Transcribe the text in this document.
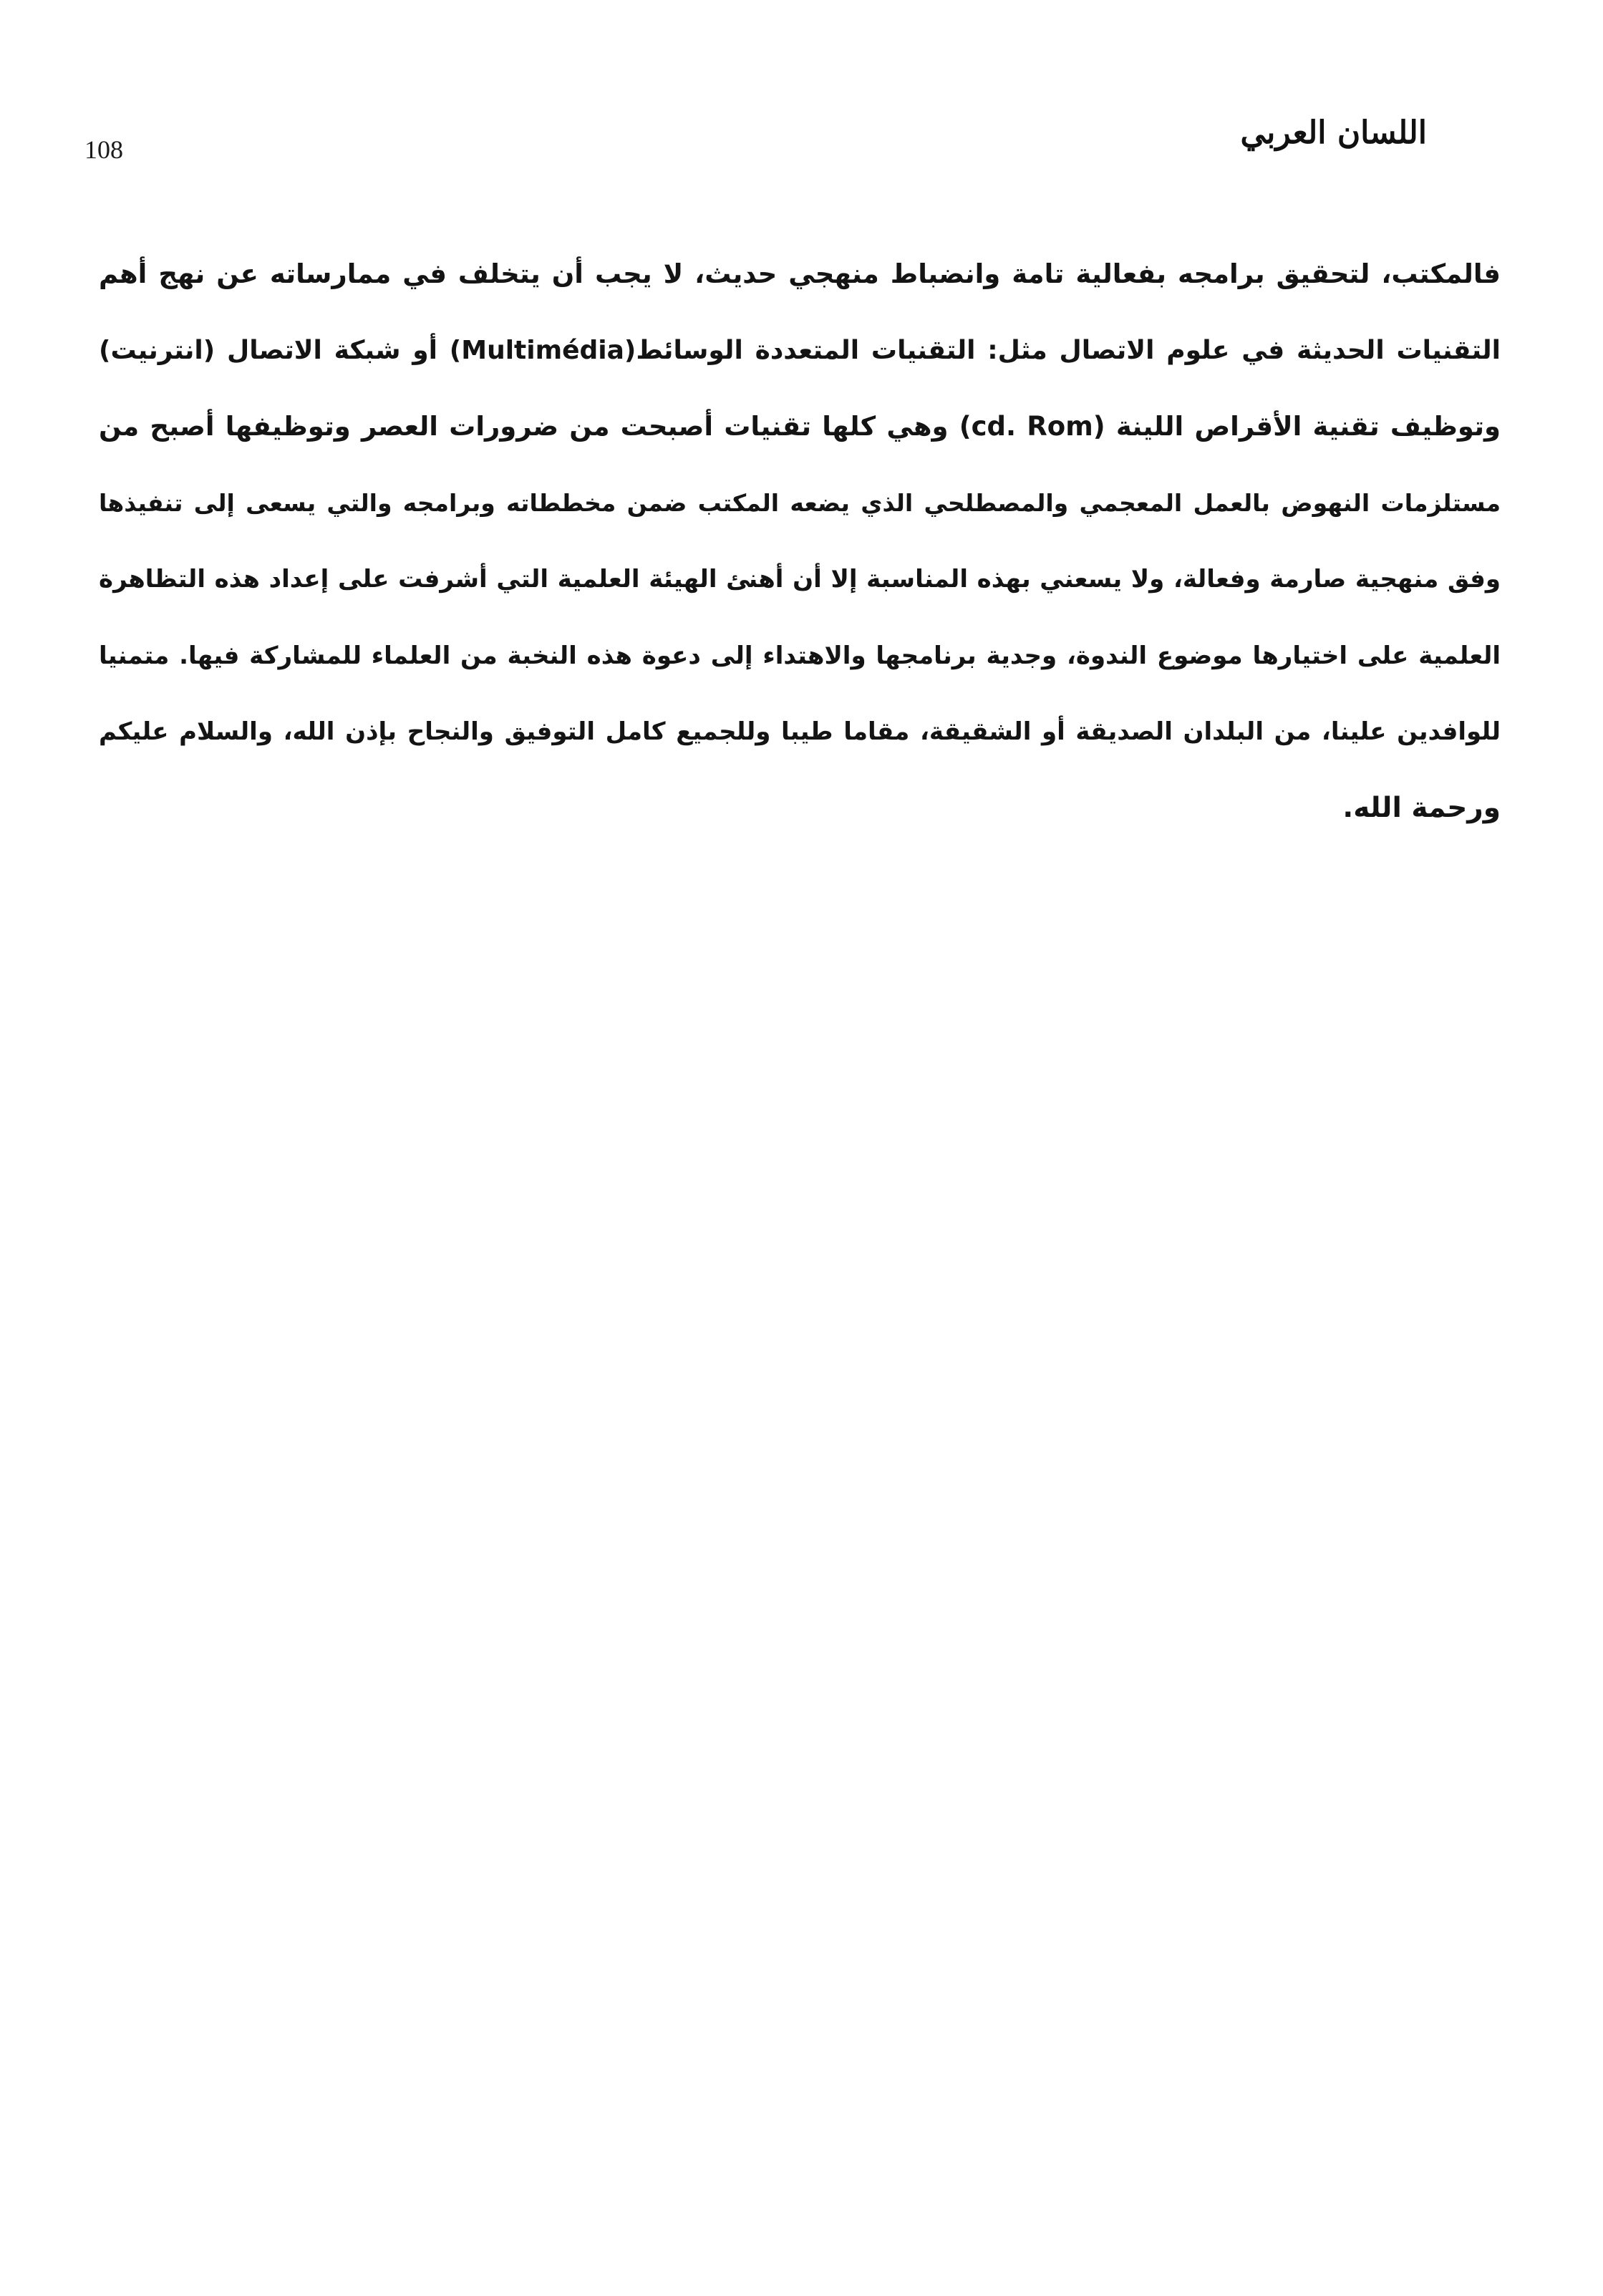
108	اللسان العربي
فالمكتب، لتحقيق برامجه بفعالية تامة وانضباط منهجي حديث، لا يجب أن يتخلف في ممارساته عن نهج أهم
التقنيات الحديثة في علوم الاتصال مثل: التقنيات المتعددة الوسائط(Multimédia) أو شبكة الاتصال (انترنيت)
وتوظيف تقنية الأقراص اللينة (cd. Rom) وهي كلها تقنيات أصبحت من ضرورات العصر وتوظيفها أصبح من
مستلزمات النهوض بالعمل المعجمي والمصطلحي الذي يضعه المكتب ضمن مخططاته وبرامجه والتي يسعى إلى تنفيذها
وفق منهجية صارمة وفعالة، ولا يسعني بهذه المناسبة إلا أن أهنئ الهيئة العلمية التي أشرفت على إعداد هذه التظاهرة
العلمية على اختيارها موضوع الندوة، وجدية برنامجها والاهتداء إلى دعوة هذه النخبة من العلماء للمشاركة فيها. متمنيا
للوافدين علينا، من البلدان الصديقة أو الشقيقة، مقاما طيبا وللجميع كامل التوفيق والنجاح بإذن الله، والسلام عليكم
ورحمة الله.
